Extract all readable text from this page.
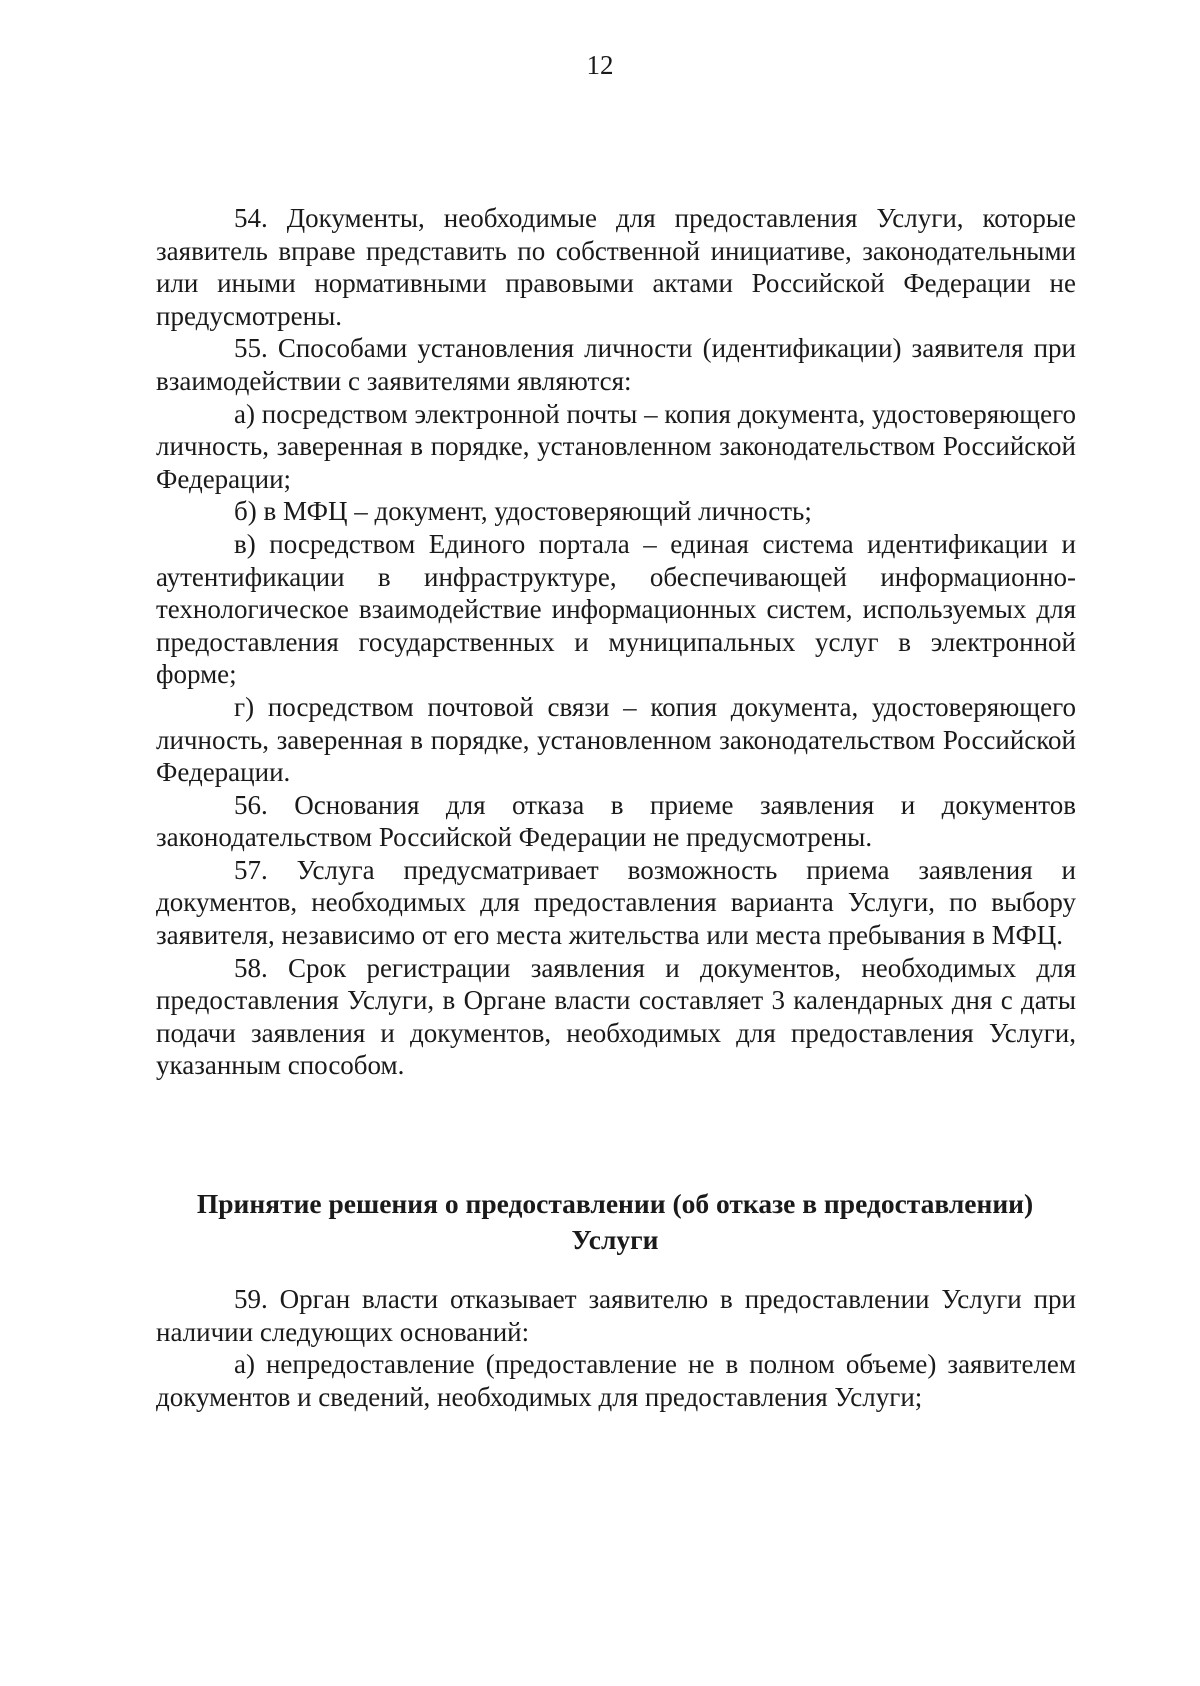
12

54. Документы, необходимые для предоставления Услуги, которые заявитель вправе представить по собственной инициативе, законодательными или иными нормативными правовыми актами Российской Федерации не предусмотрены.

55. Способами установления личности (идентификации) заявителя при взаимодействии с заявителями являются:

а) посредством электронной почты – копия документа, удостоверяющего личность, заверенная в порядке, установленном законодательством Российской Федерации;

б) в МФЦ – документ, удостоверяющий личность;

в) посредством Единого портала – единая система идентификации и аутентификации в инфраструктуре, обеспечивающей информационно-технологическое взаимодействие информационных систем, используемых для предоставления государственных и муниципальных услуг в электронной форме;

г) посредством почтовой связи – копия документа, удостоверяющего личность, заверенная в порядке, установленном законодательством Российской Федерации.

56. Основания для отказа в приеме заявления и документов законодательством Российской Федерации не предусмотрены.

57. Услуга предусматривает возможность приема заявления и документов, необходимых для предоставления варианта Услуги, по выбору заявителя, независимо от его места жительства или места пребывания в МФЦ.

58. Срок регистрации заявления и документов, необходимых для предоставления Услуги, в Органе власти составляет 3 календарных дня с даты подачи заявления и документов, необходимых для предоставления Услуги, указанным способом.

Принятие решения о предоставлении (об отказе в предоставлении)
Услуги

59. Орган власти отказывает заявителю в предоставлении Услуги при наличии следующих оснований:

а) непредоставление (предоставление не в полном объеме) заявителем документов и сведений, необходимых для предоставления Услуги;
